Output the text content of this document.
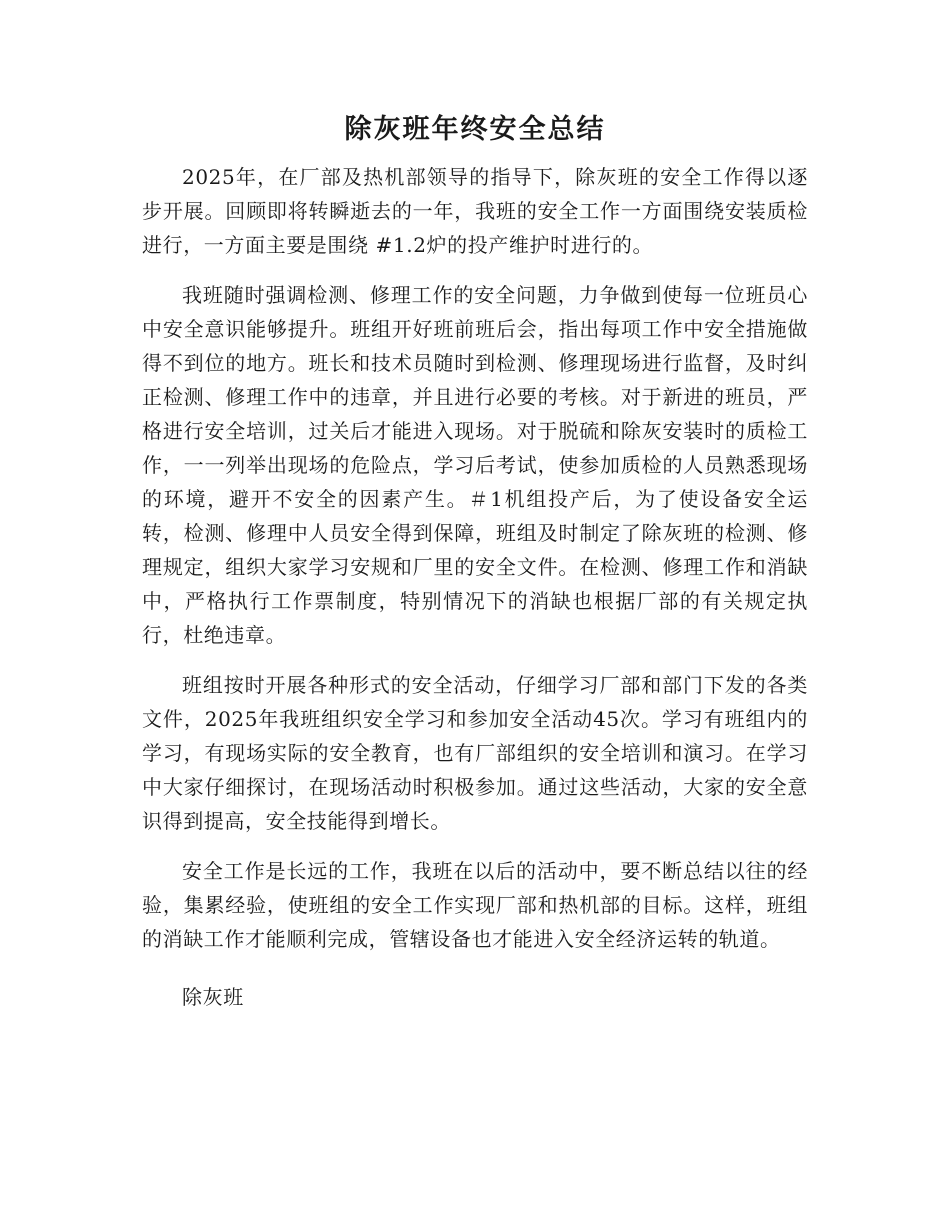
除灰班年终安全总结

2025年，在厂部及热机部领导的指导下，除灰班的安全工作得以逐步开展。回顾即将转瞬逝去的一年，我班的安全工作一方面围绕安装质检进行，一方面主要是围绕 #1.2炉的投产维护时进行的。

我班随时强调检测、修理工作的安全问题，力争做到使每一位班员心中安全意识能够提升。班组开好班前班后会，指出每项工作中安全措施做得不到位的地方。班长和技术员随时到检测、修理现场进行监督，及时纠正检测、修理工作中的违章，并且进行必要的考核。对于新进的班员，严格进行安全培训，过关后才能进入现场。对于脱硫和除灰安装时的质检工作，一一列举出现场的危险点，学习后考试，使参加质检的人员熟悉现场的环境，避开不安全的因素产生。＃1机组投产后，为了使设备安全运转，检测、修理中人员安全得到保障，班组及时制定了除灰班的检测、修理规定，组织大家学习安规和厂里的安全文件。在检测、修理工作和消缺中，严格执行工作票制度，特别情况下的消缺也根据厂部的有关规定执行，杜绝违章。

班组按时开展各种形式的安全活动，仔细学习厂部和部门下发的各类文件，2025年我班组织安全学习和参加安全活动45次。学习有班组内的学习，有现场实际的安全教育，也有厂部组织的安全培训和演习。在学习中大家仔细探讨，在现场活动时积极参加。通过这些活动，大家的安全意识得到提高，安全技能得到增长。

安全工作是长远的工作，我班在以后的活动中，要不断总结以往的经验，集累经验，使班组的安全工作实现厂部和热机部的目标。这样，班组的消缺工作才能顺利完成，管辖设备也才能进入安全经济运转的轨道。

除灰班
